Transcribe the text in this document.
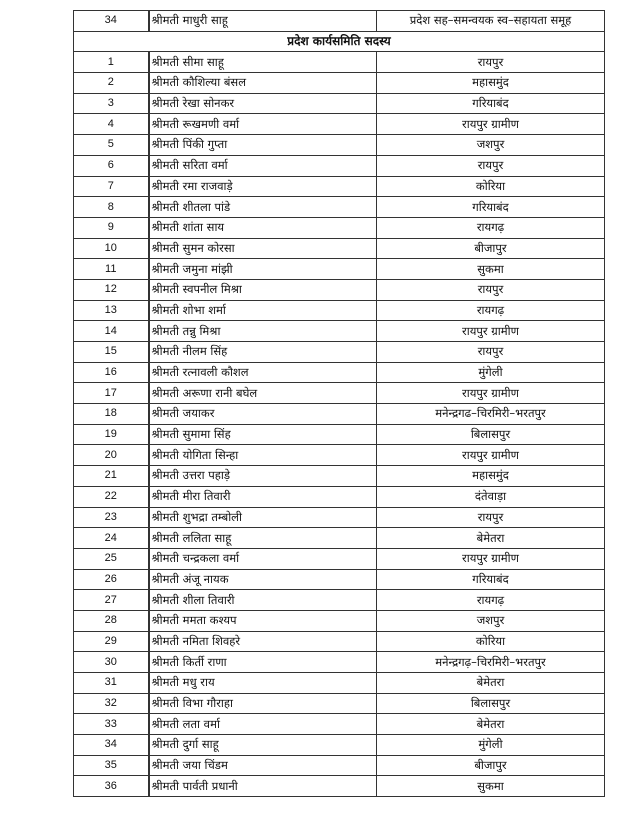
34	श्रीमती माधुरी साहू	प्रदेश सह–समन्वयक स्व–सहायता समूह
प्रदेश कार्यसमिति सदस्य		
1	श्रीमती सीमा साहू	रायपुर
2	श्रीमती कौशिल्या बंसल	महासमुंद
3	श्रीमती रेखा सोनकर	गरियाबंद
4	श्रीमती रूखमणी वर्मा	रायपुर ग्रामीण
5	श्रीमती पिंकी गुप्ता	जशपुर
6	श्रीमती सरिता वर्मा	रायपुर
7	श्रीमती रमा राजवाड़े	कोरिया
8	श्रीमती शीतला पांडे	गरियाबंद
9	श्रीमती शांता साय	रायगढ़
10	श्रीमती सुमन कोरसा	बीजापुर
11	श्रीमती जमुना मांझी	सुकमा
12	श्रीमती स्वपनील मिश्रा	रायपुर
13	श्रीमती शोभा शर्मा	रायगढ़
14	श्रीमती तन्नु मिश्रा	रायपुर ग्रामीण
15	श्रीमती नीलम सिंह	रायपुर
16	श्रीमती रत्नावली कौशल	मुंगेली
17	श्रीमती अरूणा रानी बघेल	रायपुर ग्रामीण
18	श्रीमती जयाकर	मनेन्द्रगढ–चिरमिरी–भरतपुर
19	श्रीमती सुमामा सिंह	बिलासपुर
20	श्रीमती योगिता सिन्हा	रायपुर ग्रामीण
21	श्रीमती उत्तरा पहाड़े	महासमुंद
22	श्रीमती मीरा तिवारी	दंतेवाड़ा
23	श्रीमती शुभद्रा तम्बोली	रायपुर
24	श्रीमती ललिता साहू	बेमेतरा
25	श्रीमती चन्द्रकला वर्मा	रायपुर ग्रामीण
26	श्रीमती अंजू नायक	गरियाबंद
27	श्रीमती शीला तिवारी	रायगढ़
28	श्रीमती ममता कश्यप	जशपुर
29	श्रीमती नमिता शिवहरे	कोरिया
30	श्रीमती किर्ती राणा	मनेन्द्रगढ़–चिरमिरी–भरतपुर
31	श्रीमती मधु राय	बेमेतरा
32	श्रीमती विभा गौराहा	बिलासपुर
33	श्रीमती लता वर्मा	बेमेतरा
34	श्रीमती दुर्गा साहू	मुंगेली
35	श्रीमती जया चिंडम	बीजापुर
36	श्रीमती पार्वती प्रधानी	सुकमा
